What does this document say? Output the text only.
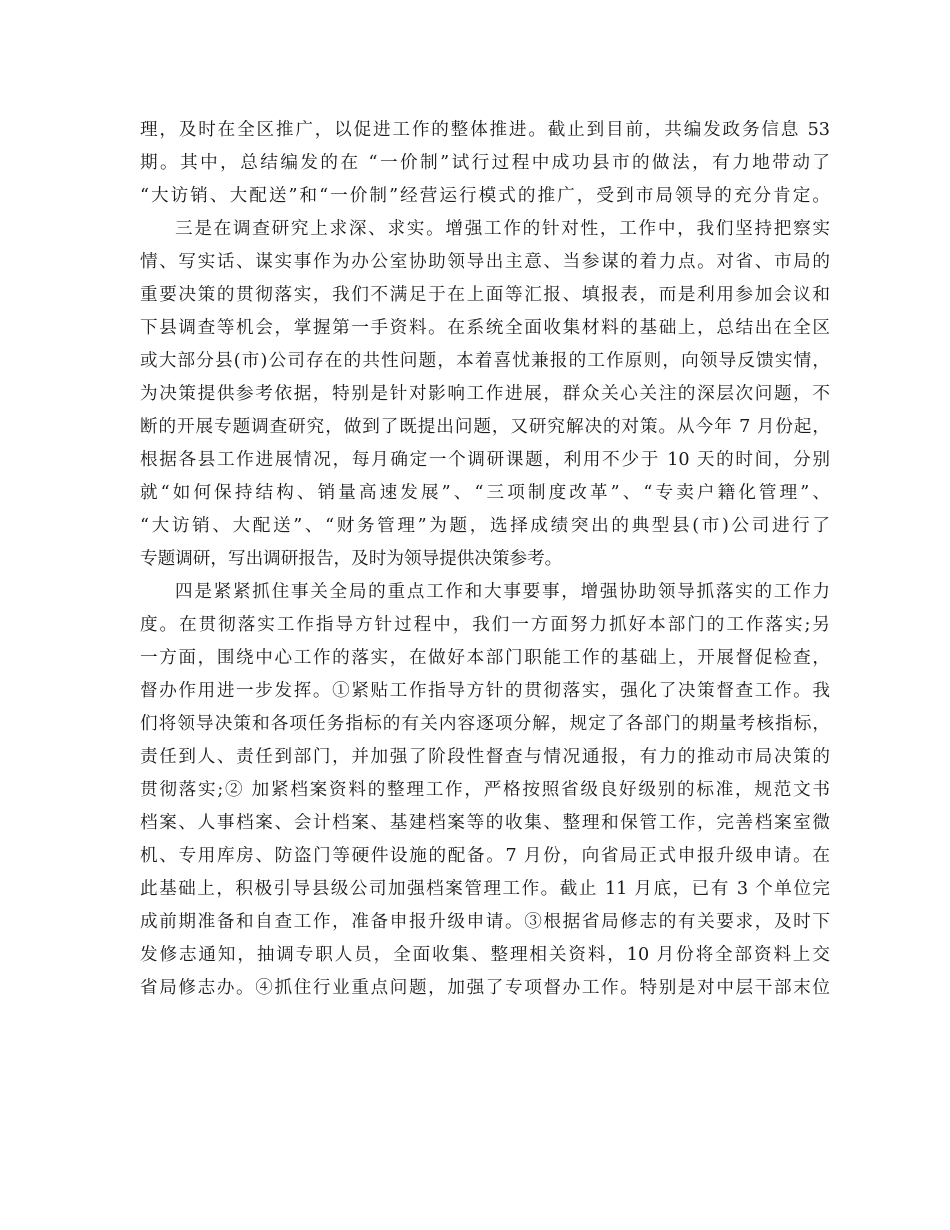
理，及时在全区推广，以促进工作的整体推进。截止到目前，共编发政务信息 53
期。其中，总结编发的在 “一价制”试行过程中成功县市的做法，有力地带动了
“大访销、大配送”和“一价制”经营运行模式的推广，受到市局领导的充分肯定。
三是在调查研究上求深、求实。增强工作的针对性，工作中，我们坚持把察实
情、写实话、谋实事作为办公室协助领导出主意、当参谋的着力点。对省、市局的
重要决策的贯彻落实，我们不满足于在上面等汇报、填报表，而是利用参加会议和
下县调查等机会，掌握第一手资料。在系统全面收集材料的基础上，总结出在全区
或大部分县(市)公司存在的共性问题，本着喜忧兼报的工作原则，向领导反馈实情，
为决策提供参考依据，特别是针对影响工作进展，群众关心关注的深层次问题，不
断的开展专题调查研究，做到了既提出问题，又研究解决的对策。从今年 7 月份起，
根据各县工作进展情况，每月确定一个调研课题，利用不少于 10 天的时间，分别
就“如何保持结构、销量高速发展”、“三项制度改革”、“专卖户籍化管理”、
“大访销、大配送”、“财务管理”为题，选择成绩突出的典型县(市)公司进行了
专题调研，写出调研报告，及时为领导提供决策参考。
四是紧紧抓住事关全局的重点工作和大事要事，增强协助领导抓落实的工作力
度。在贯彻落实工作指导方针过程中，我们一方面努力抓好本部门的工作落实;另
一方面，围绕中心工作的落实，在做好本部门职能工作的基础上，开展督促检查，
督办作用进一步发挥。①紧贴工作指导方针的贯彻落实，强化了决策督查工作。我
们将领导决策和各项任务指标的有关内容逐项分解，规定了各部门的期量考核指标，
责任到人、责任到部门，并加强了阶段性督查与情况通报，有力的推动市局决策的
贯彻落实;② 加紧档案资料的整理工作，严格按照省级良好级别的标准，规范文书
档案、人事档案、会计档案、基建档案等的收集、整理和保管工作，完善档案室微
机、专用库房、防盗门等硬件设施的配备。7 月份，向省局正式申报升级申请。在
此基础上，积极引导县级公司加强档案管理工作。截止 11 月底，已有 3 个单位完
成前期准备和自查工作，准备申报升级申请。③根据省局修志的有关要求，及时下
发修志通知，抽调专职人员，全面收集、整理相关资料，10 月份将全部资料上交
省局修志办。④抓住行业重点问题，加强了专项督办工作。特别是对中层干部末位
